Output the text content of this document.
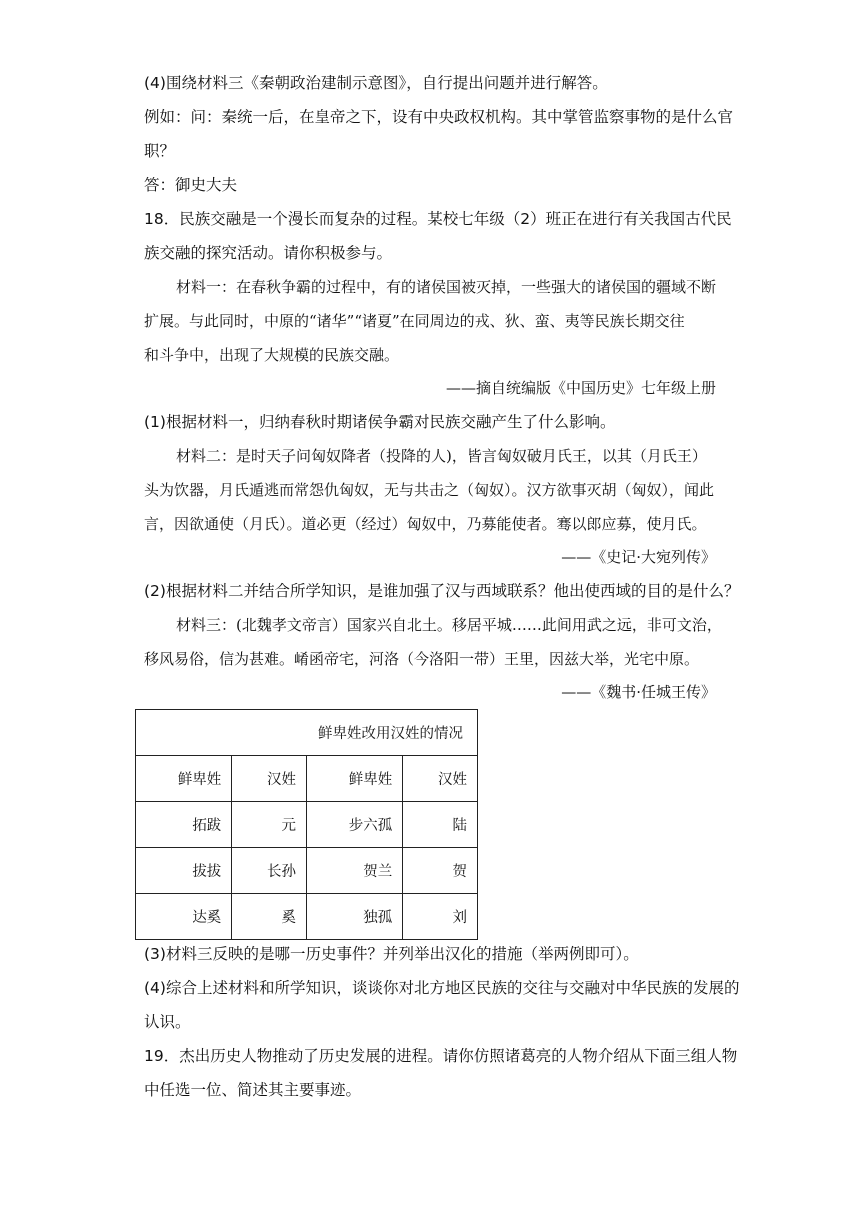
(4)围绕材料三《秦朝政治建制示意图》，自行提出问题并进行解答。
例如：问：秦统一后，在皇帝之下，设有中央政权机构。其中掌管监察事物的是什么官
职？
答：御史大夫
18．民族交融是一个漫长而复杂的过程。某校七年级（2）班正在进行有关我国古代民
族交融的探究活动。请你积极参与。
材料一：在春秋争霸的过程中，有的诸侯国被灭掉，一些强大的诸侯国的疆域不断
扩展。与此同时，中原的“诸华”“诸夏”在同周边的戎、狄、蛮、夷等民族长期交往
和斗争中，出现了大规模的民族交融。
——摘自统编版《中国历史》七年级上册
(1)根据材料一，归纳春秋时期诸侯争霸对民族交融产生了什么影响。
材料二：是时天子问匈奴降者（投降的人)，皆言匈奴破月氏王，以其（月氏王）
头为饮器，月氏遁逃而常怨仇匈奴，无与共击之（匈奴）。汉方欲事灭胡（匈奴），闻此
言，因欲通使（月氏）。道必更（经过）匈奴中，乃募能使者。骞以郎应募，使月氏。
——《史记·大宛列传》
(2)根据材料二并结合所学知识，是谁加强了汉与西域联系？他出使西域的目的是什么？
材料三：(北魏孝文帝言）国家兴自北土。移居平城……此间用武之远，非可文治，
移风易俗，信为甚难。崤函帝宅，河洛（今洛阳一带）王里，因兹大举，光宅中原。
——《魏书·任城王传》
鲜卑姓改用汉姓的情况			
鲜卑姓	汉姓	鲜卑姓	汉姓
拓跋	元	步六孤	陆
拔拔	长孙	贺兰	贺
达奚	奚	独孤	刘
(3)材料三反映的是哪一历史事件？并列举出汉化的措施（举两例即可）。
(4)综合上述材料和所学知识，谈谈你对北方地区民族的交往与交融对中华民族的发展的
认识。
19．杰出历史人物推动了历史发展的进程。请你仿照诸葛亮的人物介绍从下面三组人物
中任选一位、简述其主要事迹。
